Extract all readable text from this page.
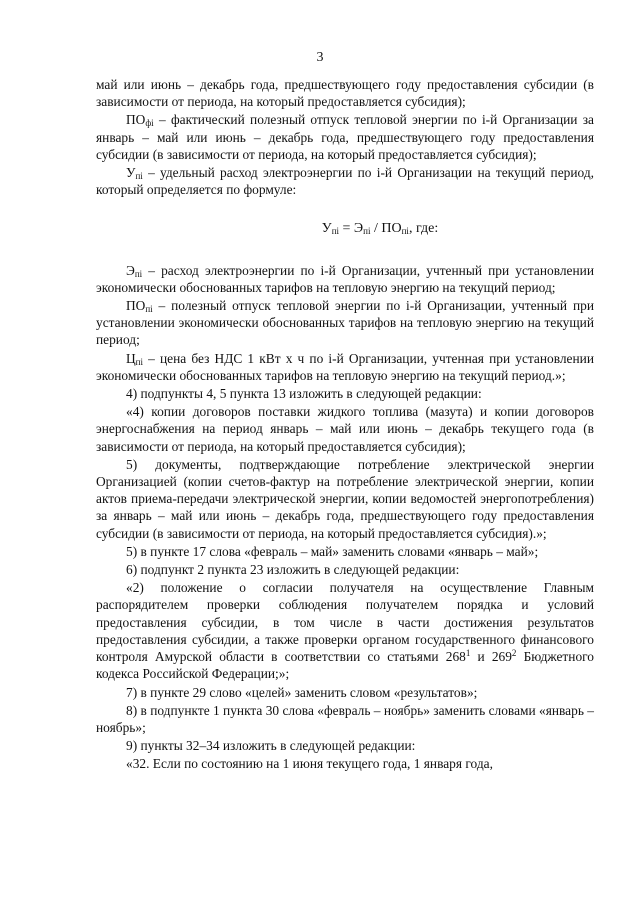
3

май или июнь – декабрь года, предшествующего году предоставления субсидии (в зависимости от периода, на который предоставляется субсидия);

$ПО_{фi}$ – фактический полезный отпуск тепловой энергии по i-й Организации за январь – май или июнь – декабрь года, предшествующего году предоставления субсидии (в зависимости от периода, на который предоставляется субсидия);

$У_{пi}$ – удельный расход электроэнергии по i-й Организации на текущий период, который определяется по формуле:

$У_{пi} = Э_{пi} / ПО_{пi}$, где:

$Э_{пi}$ – расход электроэнергии по i-й Организации, учтенный при установлении экономически обоснованных тарифов на тепловую энергию на текущий период;

$ПО_{пi}$ – полезный отпуск тепловой энергии по i-й Организации, учтенный при установлении экономически обоснованных тарифов на тепловую энергию на текущий период;

$Ц_{пi}$ – цена без НДС 1 кВт х ч по i-й Организации, учтенная при установлении экономически обоснованных тарифов на тепловую энергию на текущий период.»;

4) подпункты 4, 5 пункта 13 изложить в следующей редакции:

«4) копии договоров поставки жидкого топлива (мазута) и копии договоров энергоснабжения на период январь – май или июнь – декабрь текущего года (в зависимости от периода, на который предоставляется субсидия);

5) документы, подтверждающие потребление электрической энергии Организацией (копии счетов-фактур на потребление электрической энергии, копии актов приема-передачи электрической энергии, копии ведомостей энергопотребления) за январь – май или июнь – декабрь года, предшествующего году предоставления субсидии (в зависимости от периода, на который предоставляется субсидия).»;

5) в пункте 17 слова «февраль – май» заменить словами «январь – май»;

6) подпункт 2 пункта 23 изложить в следующей редакции:

«2) положение о согласии получателя на осуществление Главным распорядителем проверки соблюдения получателем порядка и условий предоставления субсидии, в том числе в части достижения результатов предоставления субсидии, а также проверки органом государственного финансового контроля Амурской области в соответствии со статьями $268^1$ и $269^2$ Бюджетного кодекса Российской Федерации;»;

7) в пункте 29 слово «целей» заменить словом «результатов»;

8) в подпункте 1 пункта 30 слова «февраль – ноябрь» заменить словами «январь – ноябрь»;

9) пункты 32–34 изложить в следующей редакции:

«32. Если по состоянию на 1 июня текущего года, 1 января года,
